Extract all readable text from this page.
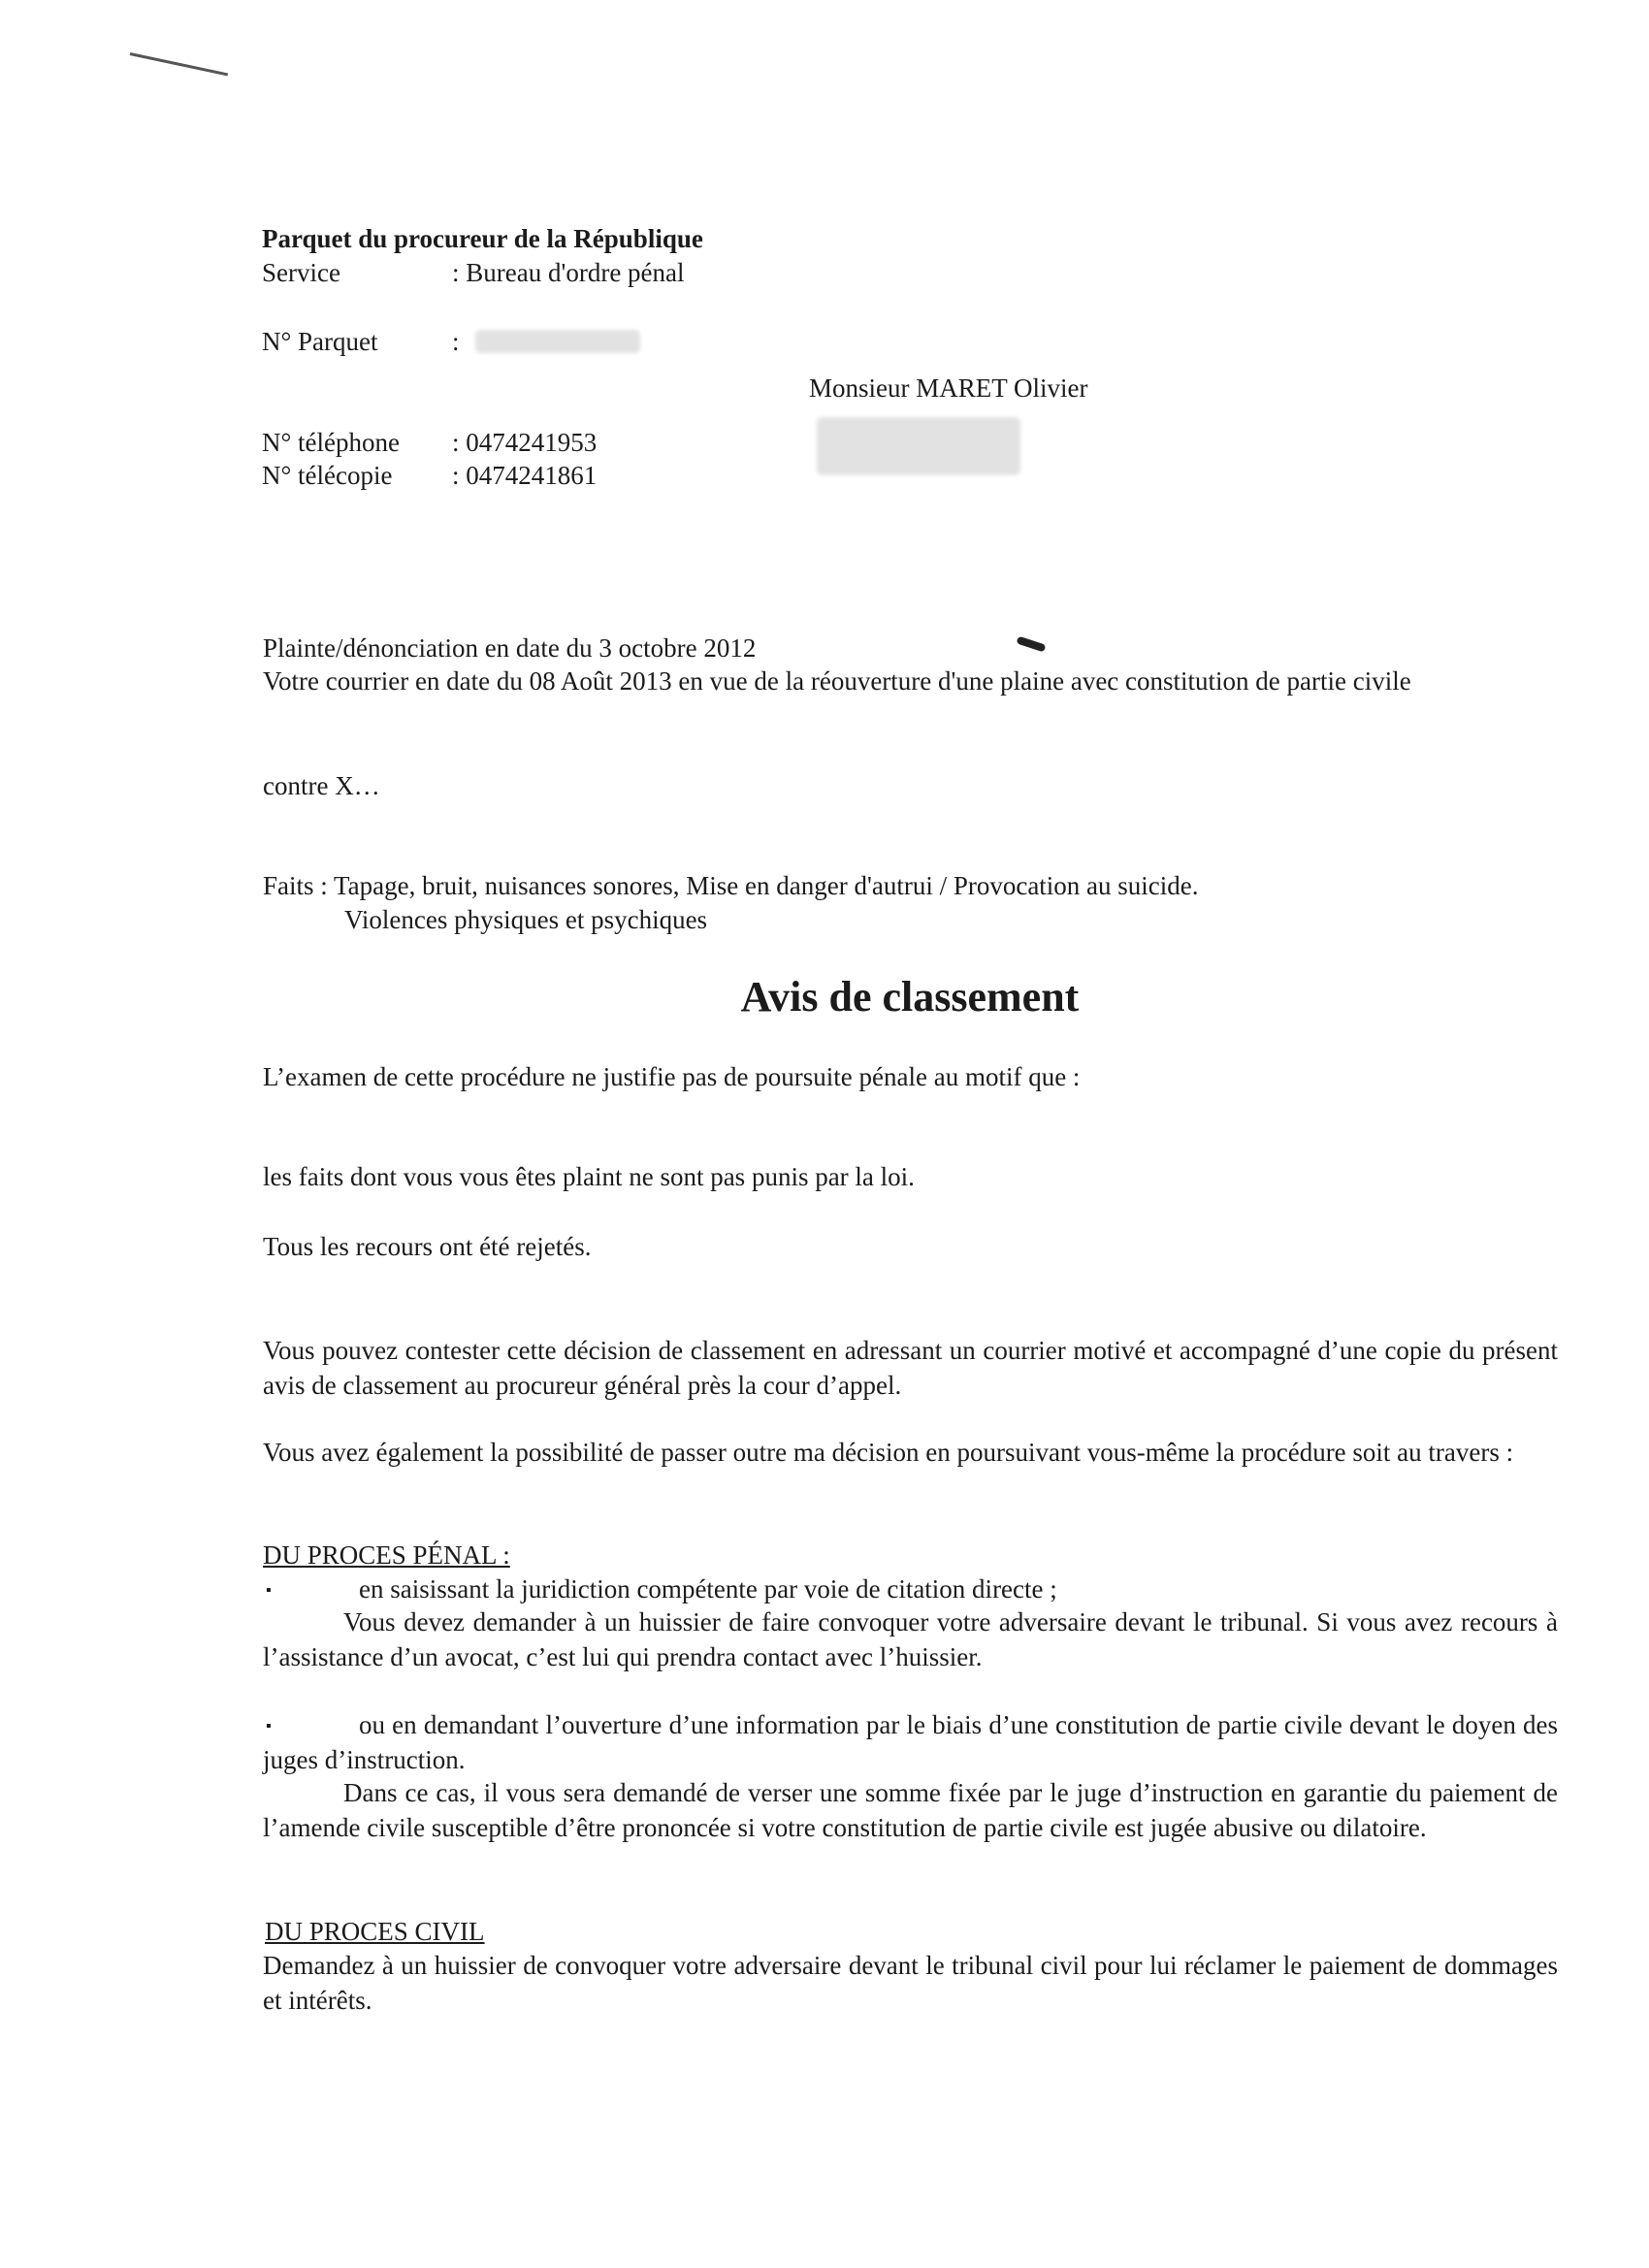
Parquet du procureur de la République
Service	: Bureau d'ordre pénal
N° Parquet	:
Monsieur MARET Olivier
N° téléphone : 0474241953
N° télécopie : 0474241861
Plainte/dénonciation en date du 3 octobre 2012
Votre courrier en date du 08 Août 2013 en vue de la réouverture d'une plaine avec constitution de partie civile
contre X…
Faits : Tapage, bruit, nuisances sonores, Mise en danger d'autrui / Provocation au suicide.
Violences physiques et psychiques
Avis de classement
L’examen de cette procédure ne justifie pas de poursuite pénale au motif que :
les faits dont vous vous êtes plaint ne sont pas punis par la loi.
Tous les recours ont été rejetés.
Vous pouvez contester cette décision de classement en adressant un courrier motivé et accompagné d’une copie du présent avis de classement au procureur général près la cour d’appel.
Vous avez également la possibilité de passer outre ma décision en poursuivant vous-même la procédure soit au travers :
DU PROCES PÉNAL :
▪	en saisissant la juridiction compétente par voie de citation directe ;
Vous devez demander à un huissier de faire convoquer votre adversaire devant le tribunal. Si vous avez recours à l’assistance d’un avocat, c’est lui qui prendra contact avec l’huissier.
▪	ou en demandant l’ouverture d’une information par le biais d’une constitution de partie civile devant le doyen des juges d’instruction.
Dans ce cas, il vous sera demandé de verser une somme fixée par le juge d’instruction en garantie du paiement de l’amende civile susceptible d’être prononcée si votre constitution de partie civile est jugée abusive ou dilatoire.
DU PROCES CIVIL
Demandez à un huissier de convoquer votre adversaire devant le tribunal civil pour lui réclamer le paiement de dommages et intérêts.
